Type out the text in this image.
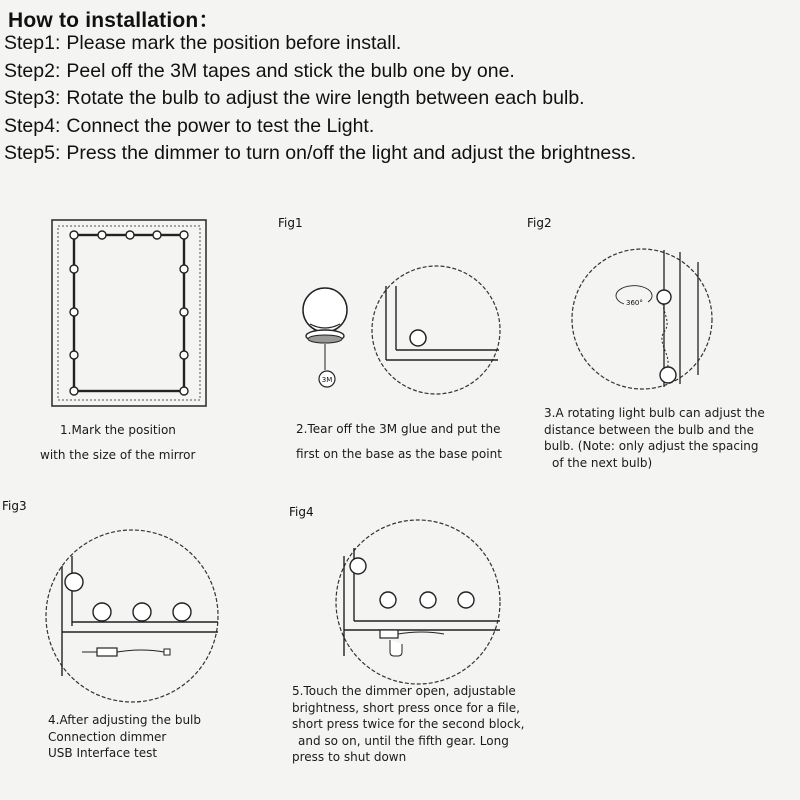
How to installation：
Step1: Please mark the position before install.
Step2: Peel off the 3M tapes and stick the bulb one by one.
Step3: Rotate the bulb to adjust the wire length between each bulb.
Step4: Connect the power to test the Light.
Step5: Press the dimmer to turn on/off the light and adjust the brightness.
Fig1	Fig2
Fig3	Fig4
3M
360°
1.Mark the position
with the size of the mirror
2.Tear off the 3M glue and put the
first on the base as the base point
3.A rotating light bulb can adjust the
distance between the bulb and the
bulb. (Note: only adjust the spacing
of the next bulb)
4.After adjusting the bulb
Connection dimmer
USB Interface test
5.Touch the dimmer open, adjustable
brightness, short press once for a file,
short press twice for the second block,
and so on, until the fifth gear. Long
press to shut down
